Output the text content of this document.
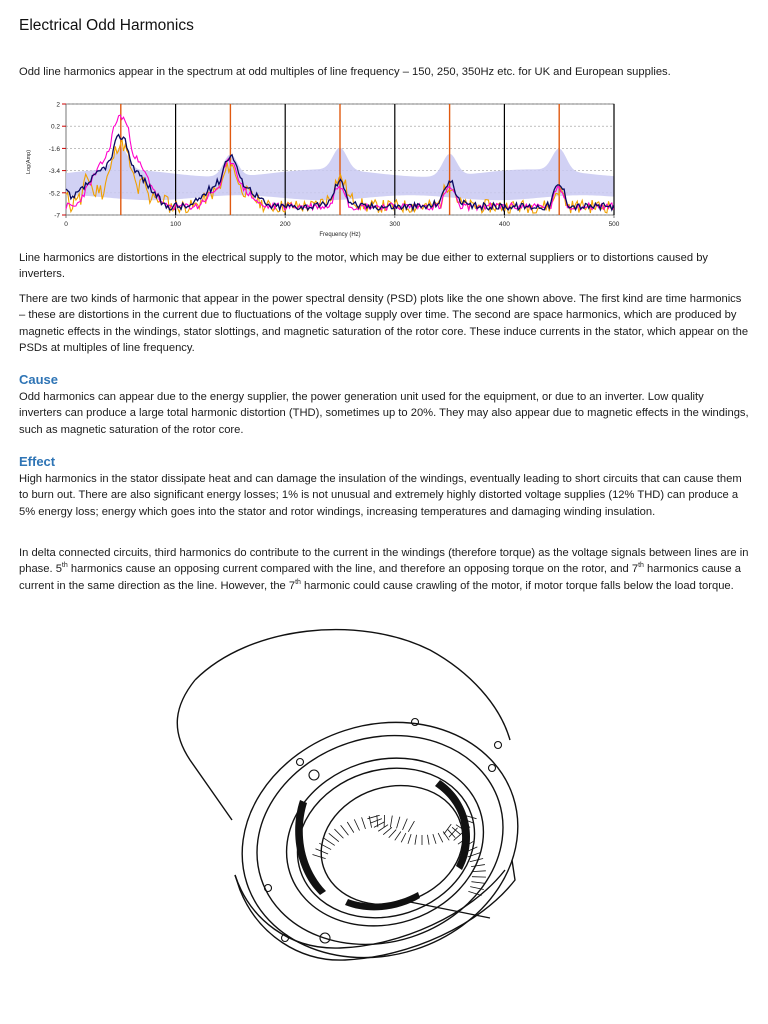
Electrical Odd Harmonics

Odd line harmonics appear in the spectrum at odd multiples of line frequency – 150, 250, 350Hz etc. for UK and European supplies.

2
0.2
-1.6
-3.4
-5.2
-7
0	100	200	300	400	500
Frequency (Hz)
Log(Amp)

Line harmonics are distortions in the electrical supply to the motor, which may be due either to external suppliers or to distortions caused by inverters.

There are two kinds of harmonic that appear in the power spectral density (PSD) plots like the one shown above. The first kind are time harmonics – these are distortions in the current due to fluctuations of the voltage supply over time. The second are space harmonics, which are produced by magnetic effects in the windings, stator slottings, and magnetic saturation of the rotor core. These induce currents in the stator, which appear on the PSDs at multiples of line frequency.

Cause

Odd harmonics can appear due to the energy supplier, the power generation unit used for the equipment, or due to an inverter. Low quality inverters can produce a large total harmonic distortion (THD), sometimes up to 20%. They may also appear due to magnetic effects in the windings, such as magnetic saturation of the rotor core.

Effect

High harmonics in the stator dissipate heat and can damage the insulation of the windings, eventually leading to short circuits that can cause them to burn out. There are also significant energy losses; 1% is not unusual and extremely highly distorted voltage supplies (12% THD) can produce a 5% energy loss; energy which goes into the stator and rotor windings, increasing temperatures and damaging winding insulation.

In delta connected circuits, third harmonics do contribute to the current in the windings (therefore torque) as the voltage signals between lines are in phase. 5th harmonics cause an opposing current compared with the line, and therefore an opposing torque on the rotor, and 7th harmonics cause a current in the same direction as the line. However, the 7th harmonic could cause crawling of the motor, if motor torque falls below the load torque.
